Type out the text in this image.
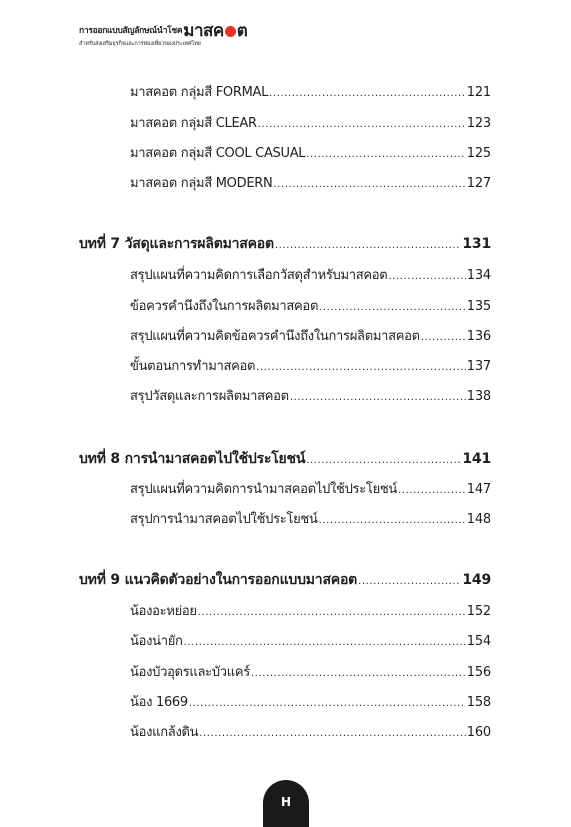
การออกแบบสัญลักษณ์นำโชค มาสค ต
สำหรับส่งเสริมธุรกิจและการท่องเที่ยวของประเทศไทย
มาสคอต กลุ่มสี FORMAL .....	121
มาสคอต กลุ่มสี CLEAR .....	123
มาสคอต กลุ่มสี COOL CASUAL .....	125
มาสคอต กลุ่มสี MODERN .....	127
บทที่ 7 วัสดุและการผลิตมาสคอต .....	131
สรุปแผนที่ความคิดการเลือกวัสดุสำหรับมาสคอต .....	134
ข้อควรคำนึงถึงในการผลิตมาสคอต .....	135
สรุปแผนที่ความคิดข้อควรคำนึงถึงในการผลิตมาสคอต .....	136
ขั้นตอนการทำมาสคอต .....	137
สรุปวัสดุและการผลิตมาสคอต .....	138
บทที่ 8 การนำมาสคอตไปใช้ประโยชน์ .....	141
สรุปแผนที่ความคิดการนำมาสคอตไปใช้ประโยชน์ .....	147
สรุปการนำมาสคอตไปใช้ประโยชน์ .....	148
บทที่ 9 แนวคิดตัวอย่างในการออกแบบมาสคอต .....	149
น้องอะหย่อย .....	152
น้องน่ายัก .....	154
น้องบัวอุดรและบัวแคร์ .....	156
น้อง 1669 .....	158
น้องแกล้งดิน .....	160
H
